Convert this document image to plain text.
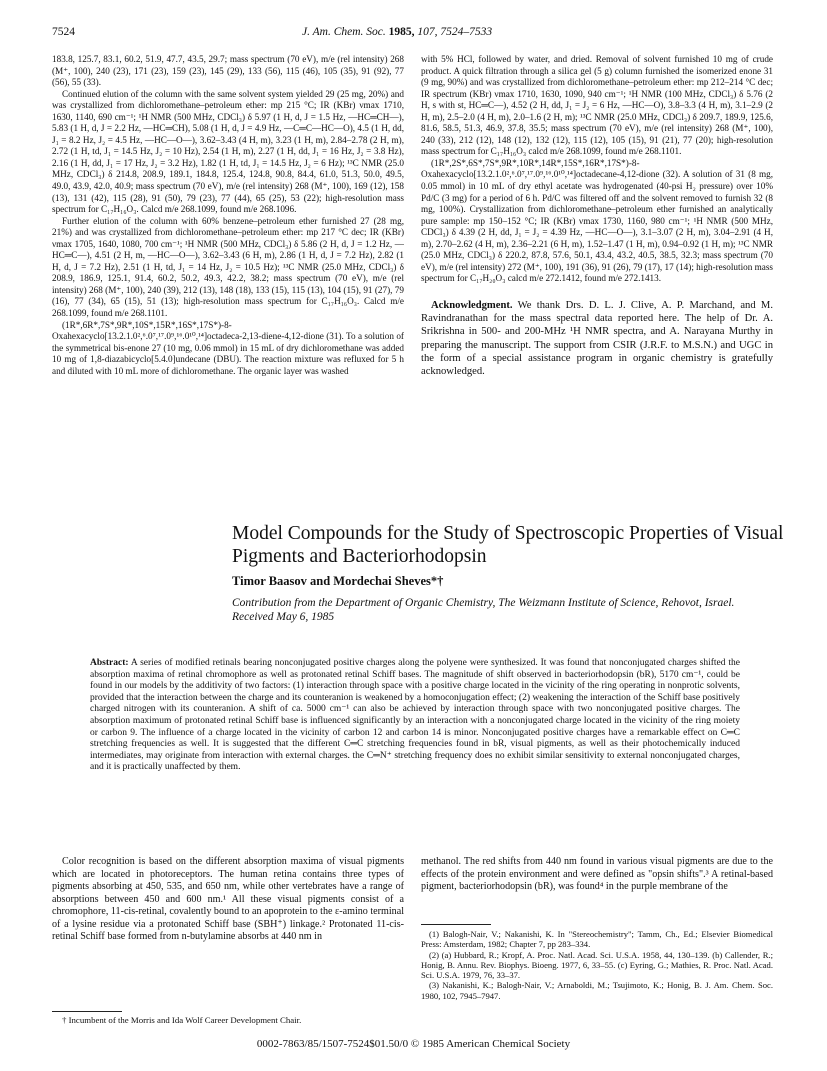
7524	J. Am. Chem. Soc. 1985, 107, 7524–7533

183.8, 125.7, 83.1, 60.2, 51.9, 47.7, 43.5, 29.7; mass spectrum (70 eV), m/e (rel intensity) 268 (M⁺, 100), 240 (23), 171 (23), 159 (23), 145 (29), 133 (56), 115 (46), 105 (35), 91 (92), 77 (56), 55 (33).

Continued elution of the column with the same solvent system yielded 29 (25 mg, 20%) and was crystallized from dichloromethane–petroleum ether: mp 215 °C; IR (KBr) νmax 1710, 1630, 1140, 690 cm⁻¹; ¹H NMR (500 MHz, CDCl₃) δ 5.97 (1 H, d, J = 1.5 Hz, —HC═CH—), 5.83 (1 H, d, J = 2.2 Hz, —HC═CH), 5.08 (1 H, d, J = 4.9 Hz, —C═C—HC—O), 4.5 (1 H, dd, J₁ = 8.2 Hz, J₂ = 4.5 Hz, —HC—O—), 3.62–3.43 (4 H, m), 3.23 (1 H, m), 2.84–2.78 (2 H, m), 2.72 (1 H, td, J₁ = 14.5 Hz, J₂ = 10 Hz), 2.54 (1 H, m), 2.27 (1 H, dd, J₁ = 16 Hz, J₂ = 3.8 Hz), 2.16 (1 H, dd, J₁ = 17 Hz, J₂ = 3.2 Hz), 1.82 (1 H, td, J₁ = 14.5 Hz, J₂ = 6 Hz); ¹³C NMR (25.0 MHz, CDCl₃) δ 214.8, 208.9, 189.1, 184.8, 125.4, 124.8, 90.8, 84.4, 61.0, 51.3, 50.0, 49.5, 49.0, 43.9, 42.0, 40.9; mass spectrum (70 eV), m/e (rel intensity) 268 (M⁺, 100), 169 (12), 158 (13), 131 (42), 115 (28), 91 (50), 79 (23), 77 (44), 65 (25), 53 (22); high-resolution mass spectrum for C₁₇H₁₆O₃. Calcd m/e 268.1099, found m/e 268.1096.

Further elution of the column with 60% benzene–petroleum ether furnished 27 (28 mg, 21%) and was crystallized from dichloromethane–petroleum ether: mp 217 °C dec; IR (KBr) νmax 1705, 1640, 1080, 700 cm⁻¹; ¹H NMR (500 MHz, CDCl₃) δ 5.86 (2 H, d, J = 1.2 Hz, —HC═C—), 4.51 (2 H, m, —HC—O—), 3.62–3.43 (6 H, m), 2.86 (1 H, d, J = 7.2 Hz), 2.82 (1 H, d, J = 7.2 Hz), 2.51 (1 H, td, J₁ = 14 Hz, J₂ = 10.5 Hz); ¹³C NMR (25.0 MHz, CDCl₃) δ 208.9, 186.9, 125.1, 91.4, 60.2, 50.2, 49.3, 42.2, 38.2; mass spectrum (70 eV), m/e (rel intensity) 268 (M⁺, 100), 240 (39), 212 (13), 148 (18), 133 (15), 115 (13), 104 (15), 91 (27), 79 (16), 77 (34), 65 (15), 51 (13); high-resolution mass spectrum for C₁₇H₁₆O₃. Calcd m/e 268.1099, found m/e 268.1101.

(1R*,6R*,7S*,9R*,10S*,15R*,16S*,17S*)-8-Oxahexacyclo[13.2.1.0²,⁶.0⁷,¹⁷.0⁹,¹⁶.0¹⁰,¹⁴]octadeca-2,13-diene-4,12-dione (31). To a solution of the symmetrical bis-enone 27 (10 mg, 0.06 mmol) in 15 mL of dry dichloromethane was added 10 mg of 1,8-diazabicyclo[5.4.0]undecane (DBU). The reaction mixture was refluxed for 5 h and diluted with 10 mL more of dichloromethane. The organic layer was washed

with 5% HCl, followed by water, and dried. Removal of solvent furnished 10 mg of crude product. A quick filtration through a silica gel (5 g) column furnished the isomerized enone 31 (9 mg, 90%) and was crystallized from dichloromethane–petroleum ether: mp 212–214 °C dec; IR spectrum (KBr) νmax 1710, 1630, 1090, 940 cm⁻¹; ¹H NMR (100 MHz, CDCl₃) δ 5.76 (2 H, s with st, HC═C—), 4.52 (2 H, dd, J₁ = J₂ = 6 Hz, —HC—O), 3.8–3.3 (4 H, m), 3.1–2.9 (2 H, m), 2.5–2.0 (4 H, m), 2.0–1.6 (2 H, m); ¹³C NMR (25.0 MHz, CDCl₃) δ 209.7, 189.9, 125.6, 81.6, 58.5, 51.3, 46.9, 37.8, 35.5; mass spectrum (70 eV), m/e (rel intensity) 268 (M⁺, 100), 240 (33), 212 (12), 148 (12), 132 (12), 115 (12), 105 (15), 91 (21), 77 (20); high-resolution mass spectrum for C₁₇H₁₆O₃ calcd m/e 268.1099, found m/e 268.1101.

(1R*,2S*,6S*,7S*,9R*,10R*,14R*,15S*,16R*,17S*)-8-Oxahexacyclo[13.2.1.0²,⁶.0⁷,¹⁷.0⁹,¹⁶.0¹⁰,¹⁴]octadecane-4,12-dione (32). A solution of 31 (8 mg, 0.05 mmol) in 10 mL of dry ethyl acetate was hydrogenated (40-psi H₂ pressure) over 10% Pd/C (3 mg) for a period of 6 h. Pd/C was filtered off and the solvent removed to furnish 32 (8 mg, 100%). Crystallization from dichloromethane–petroleum ether furnished an analytically pure sample: mp 150–152 °C; IR (KBr) νmax 1730, 1160, 980 cm⁻¹; ¹H NMR (500 MHz, CDCl₃) δ 4.39 (2 H, dd, J₁ = J₂ = 4.39 Hz, —HC—O—), 3.1–3.07 (2 H, m), 3.04–2.91 (4 H, m), 2.70–2.62 (4 H, m), 2.36–2.21 (6 H, m), 1.52–1.47 (1 H, m), 0.94–0.92 (1 H, m); ¹³C NMR (25.0 MHz, CDCl₃) δ 220.2, 87.8, 57.6, 50.1, 43.4, 43.2, 40.5, 38.5, 32.3; mass spectrum (70 eV), m/e (rel intensity) 272 (M⁺, 100), 191 (36), 91 (26), 79 (17), 17 (14); high-resolution mass spectrum for C₁₇H₂₀O₃ calcd m/e 272.1412, found m/e 272.1413.

Acknowledgment. We thank Drs. D. L. J. Clive, A. P. Marchand, and M. Ravindranathan for the mass spectral data reported here. The help of Dr. A. Srikrishna in 500- and 200-MHz ¹H NMR spectra, and A. Narayana Murthy in preparing the manuscript. The support from CSIR (J.R.F. to M.S.N.) and UGC in the form of a special assistance program in organic chemistry is gratefully acknowledged.

Model Compounds for the Study of Spectroscopic Properties of Visual Pigments and Bacteriorhodopsin
Timor Baasov and Mordechai Sheves*†
Contribution from the Department of Organic Chemistry, The Weizmann Institute of Science, Rehovot, Israel. Received May 6, 1985
Abstract: A series of modified retinals bearing nonconjugated positive charges along the polyene were synthesized. It was found that nonconjugated charges shifted the absorption maxima of retinal chromophore as well as protonated retinal Schiff bases. The magnitude of shift observed in bacteriorhodopsin (bR), 5170 cm⁻¹, could be found in our models by the additivity of two factors: (1) interaction through space with a positive charge located in the vicinity of the ring operating in nonprotic solvents, provided that the interaction between the charge and its counteranion is weakened by a homoconjugation effect; (2) weakening the interaction of the Schiff base positively charged nitrogen with its counteranion. A shift of ca. 5000 cm⁻¹ can also be achieved by interaction through space with two nonconjugated positive charges. The absorption maximum of protonated retinal Schiff base is influenced significantly by an interaction with a nonconjugated charge located in the vicinity of the ring moiety or carbon 9. The influence of a charge located in the vicinity of carbon 12 and carbon 14 is minor. Nonconjugated positive charges have a remarkable effect on C═C stretching frequencies as well. It is suggested that the different C═C stretching frequencies found in bR, visual pigments, as well as their photochemically induced intermediates, may originate from interaction with external charges. the C═N⁺ stretching frequency does no exhibit similar sensitivity to external nonconjugated charges, and it is practically unaffected by them.
Color recognition is based on the different absorption maxima of visual pigments which are located in photoreceptors. The human retina contains three types of pigments absorbing at 450, 535, and 650 nm, while other vertebrates have a range of absorptions between 450 and 600 nm.¹ All these visual pigments consist of a chromophore, 11-cis-retinal, covalently bound to an apoprotein to the ε-amino terminal of a lysine residue via a protonated Schiff base (SBH⁺) linkage.² Protonated 11-cis-retinal Schiff base formed from n-butylamine absorbs at 440 nm in
methanol. The red shifts from 440 nm found in various visual pigments are due to the effects of the protein environment and were defined as "opsin shifts".³ A retinal-based pigment, bacteriorhodopsin (bR), was found⁴ in the purple membrane of the
(1) Balogh-Nair, V.; Nakanishi, K. In "Stereochemistry"; Tamm, Ch., Ed.; Elsevier Biomedical Press: Amsterdam, 1982; Chapter 7, pp 283–334.
(2) (a) Hubbard, R.; Kropf, A. Proc. Natl. Acad. Sci. U.S.A. 1958, 44, 130–139. (b) Callender, R.; Honig, B. Annu. Rev. Biophys. Bioeng. 1977, 6, 33–55. (c) Eyring, G.; Mathies, R. Proc. Natl. Acad. Sci. U.S.A. 1979, 76, 33–37.
(3) Nakanishi, K.; Balogh-Nair, V.; Arnaboldi, M.; Tsujimoto, K.; Honig, B. J. Am. Chem. Soc. 1980, 102, 7945–7947.
† Incumbent of the Morris and Ida Wolf Career Development Chair.
0002-7863/85/1507-7524$01.50/0 © 1985 American Chemical Society
